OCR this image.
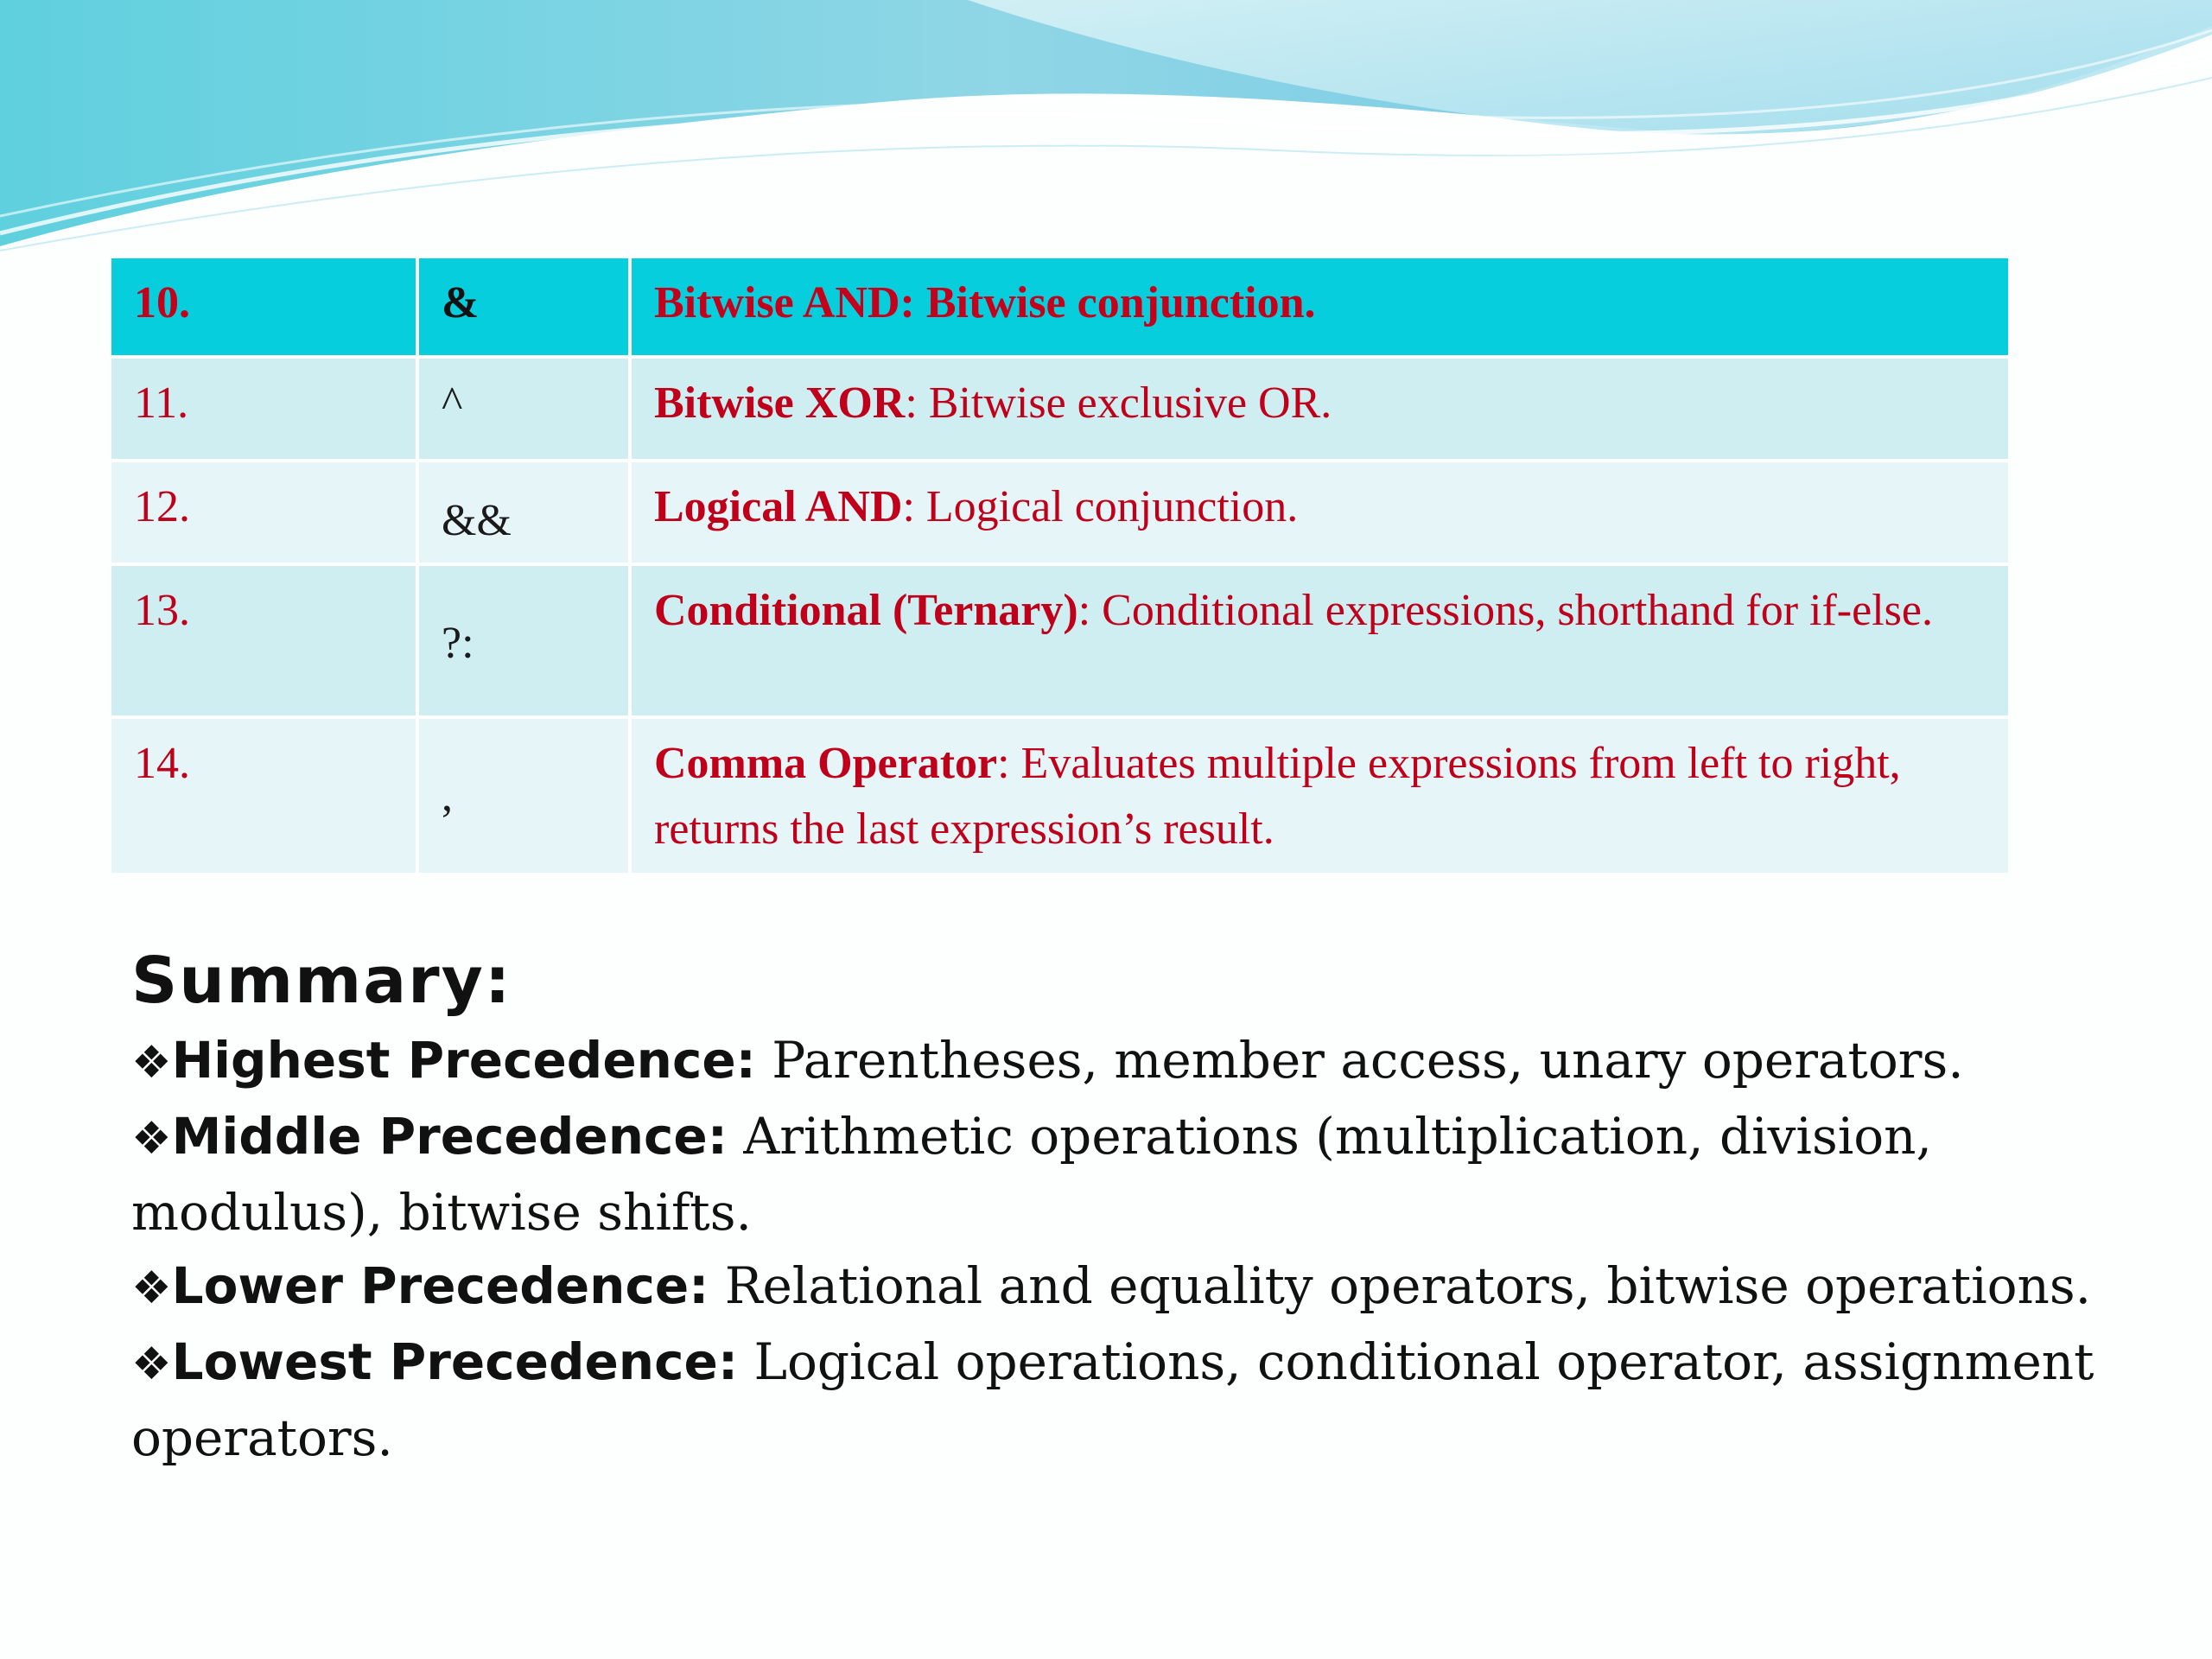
10.	&	Bitwise AND: Bitwise conjunction.
11.	^	Bitwise XOR: Bitwise exclusive OR.
12.	&&	Logical AND: Logical conjunction.
13.	?:	Conditional (Ternary): Conditional expressions, shorthand for if-else.
14.	,	Comma Operator: Evaluates multiple expressions from left to right, returns the last expression’s result.
Summary:

❖Highest Precedence: Parentheses, member access, unary operators.

❖Middle Precedence: Arithmetic operations (multiplication, division, modulus), bitwise shifts.

❖Lower Precedence: Relational and equality operators, bitwise operations.

❖Lowest Precedence: Logical operations, conditional operator, assignment operators.
